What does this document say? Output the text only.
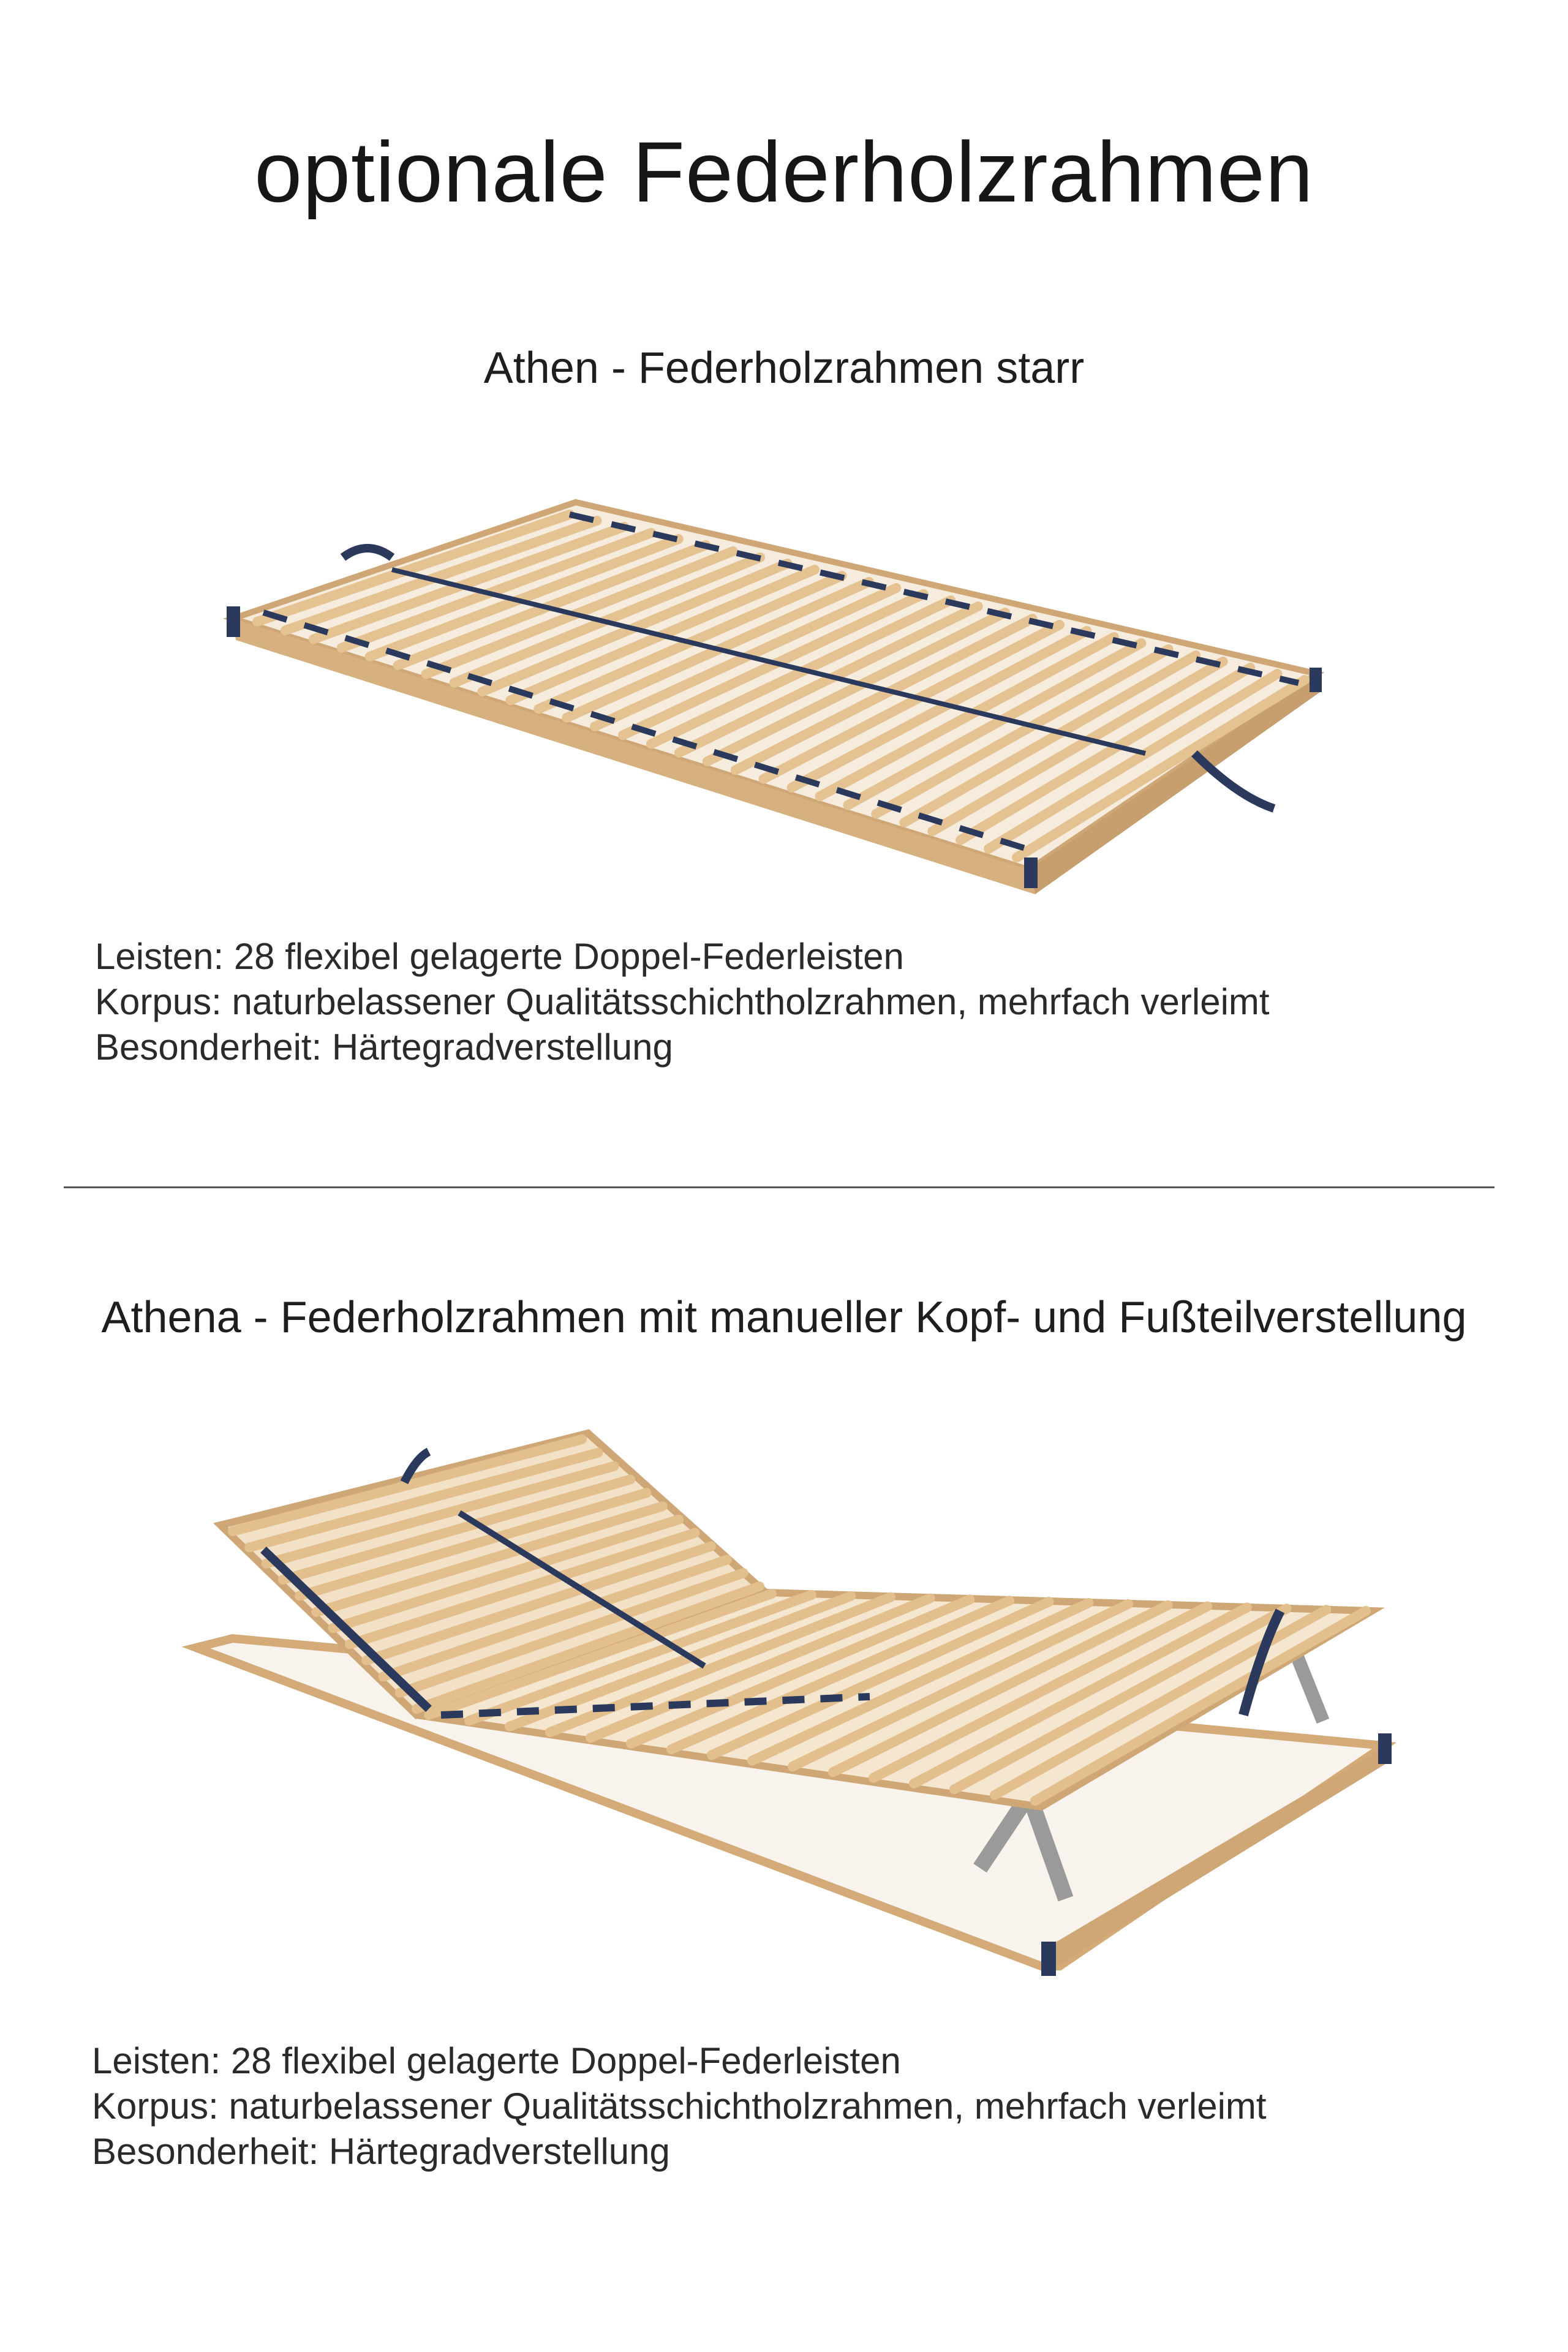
optionale Federholzrahmen
Athen - Federholzrahmen starr
Leisten: 28 flexibel gelagerte Doppel-Federleisten
Korpus: naturbelassener Qualitätsschichtholzrahmen, mehrfach verleimt
Besonderheit: Härtegradverstellung
Athena - Federholzrahmen mit manueller Kopf- und Fußteilverstellung
Leisten: 28 flexibel gelagerte Doppel-Federleisten
Korpus: naturbelassener Qualitätsschichtholzrahmen, mehrfach verleimt
Besonderheit: Härtegradverstellung
